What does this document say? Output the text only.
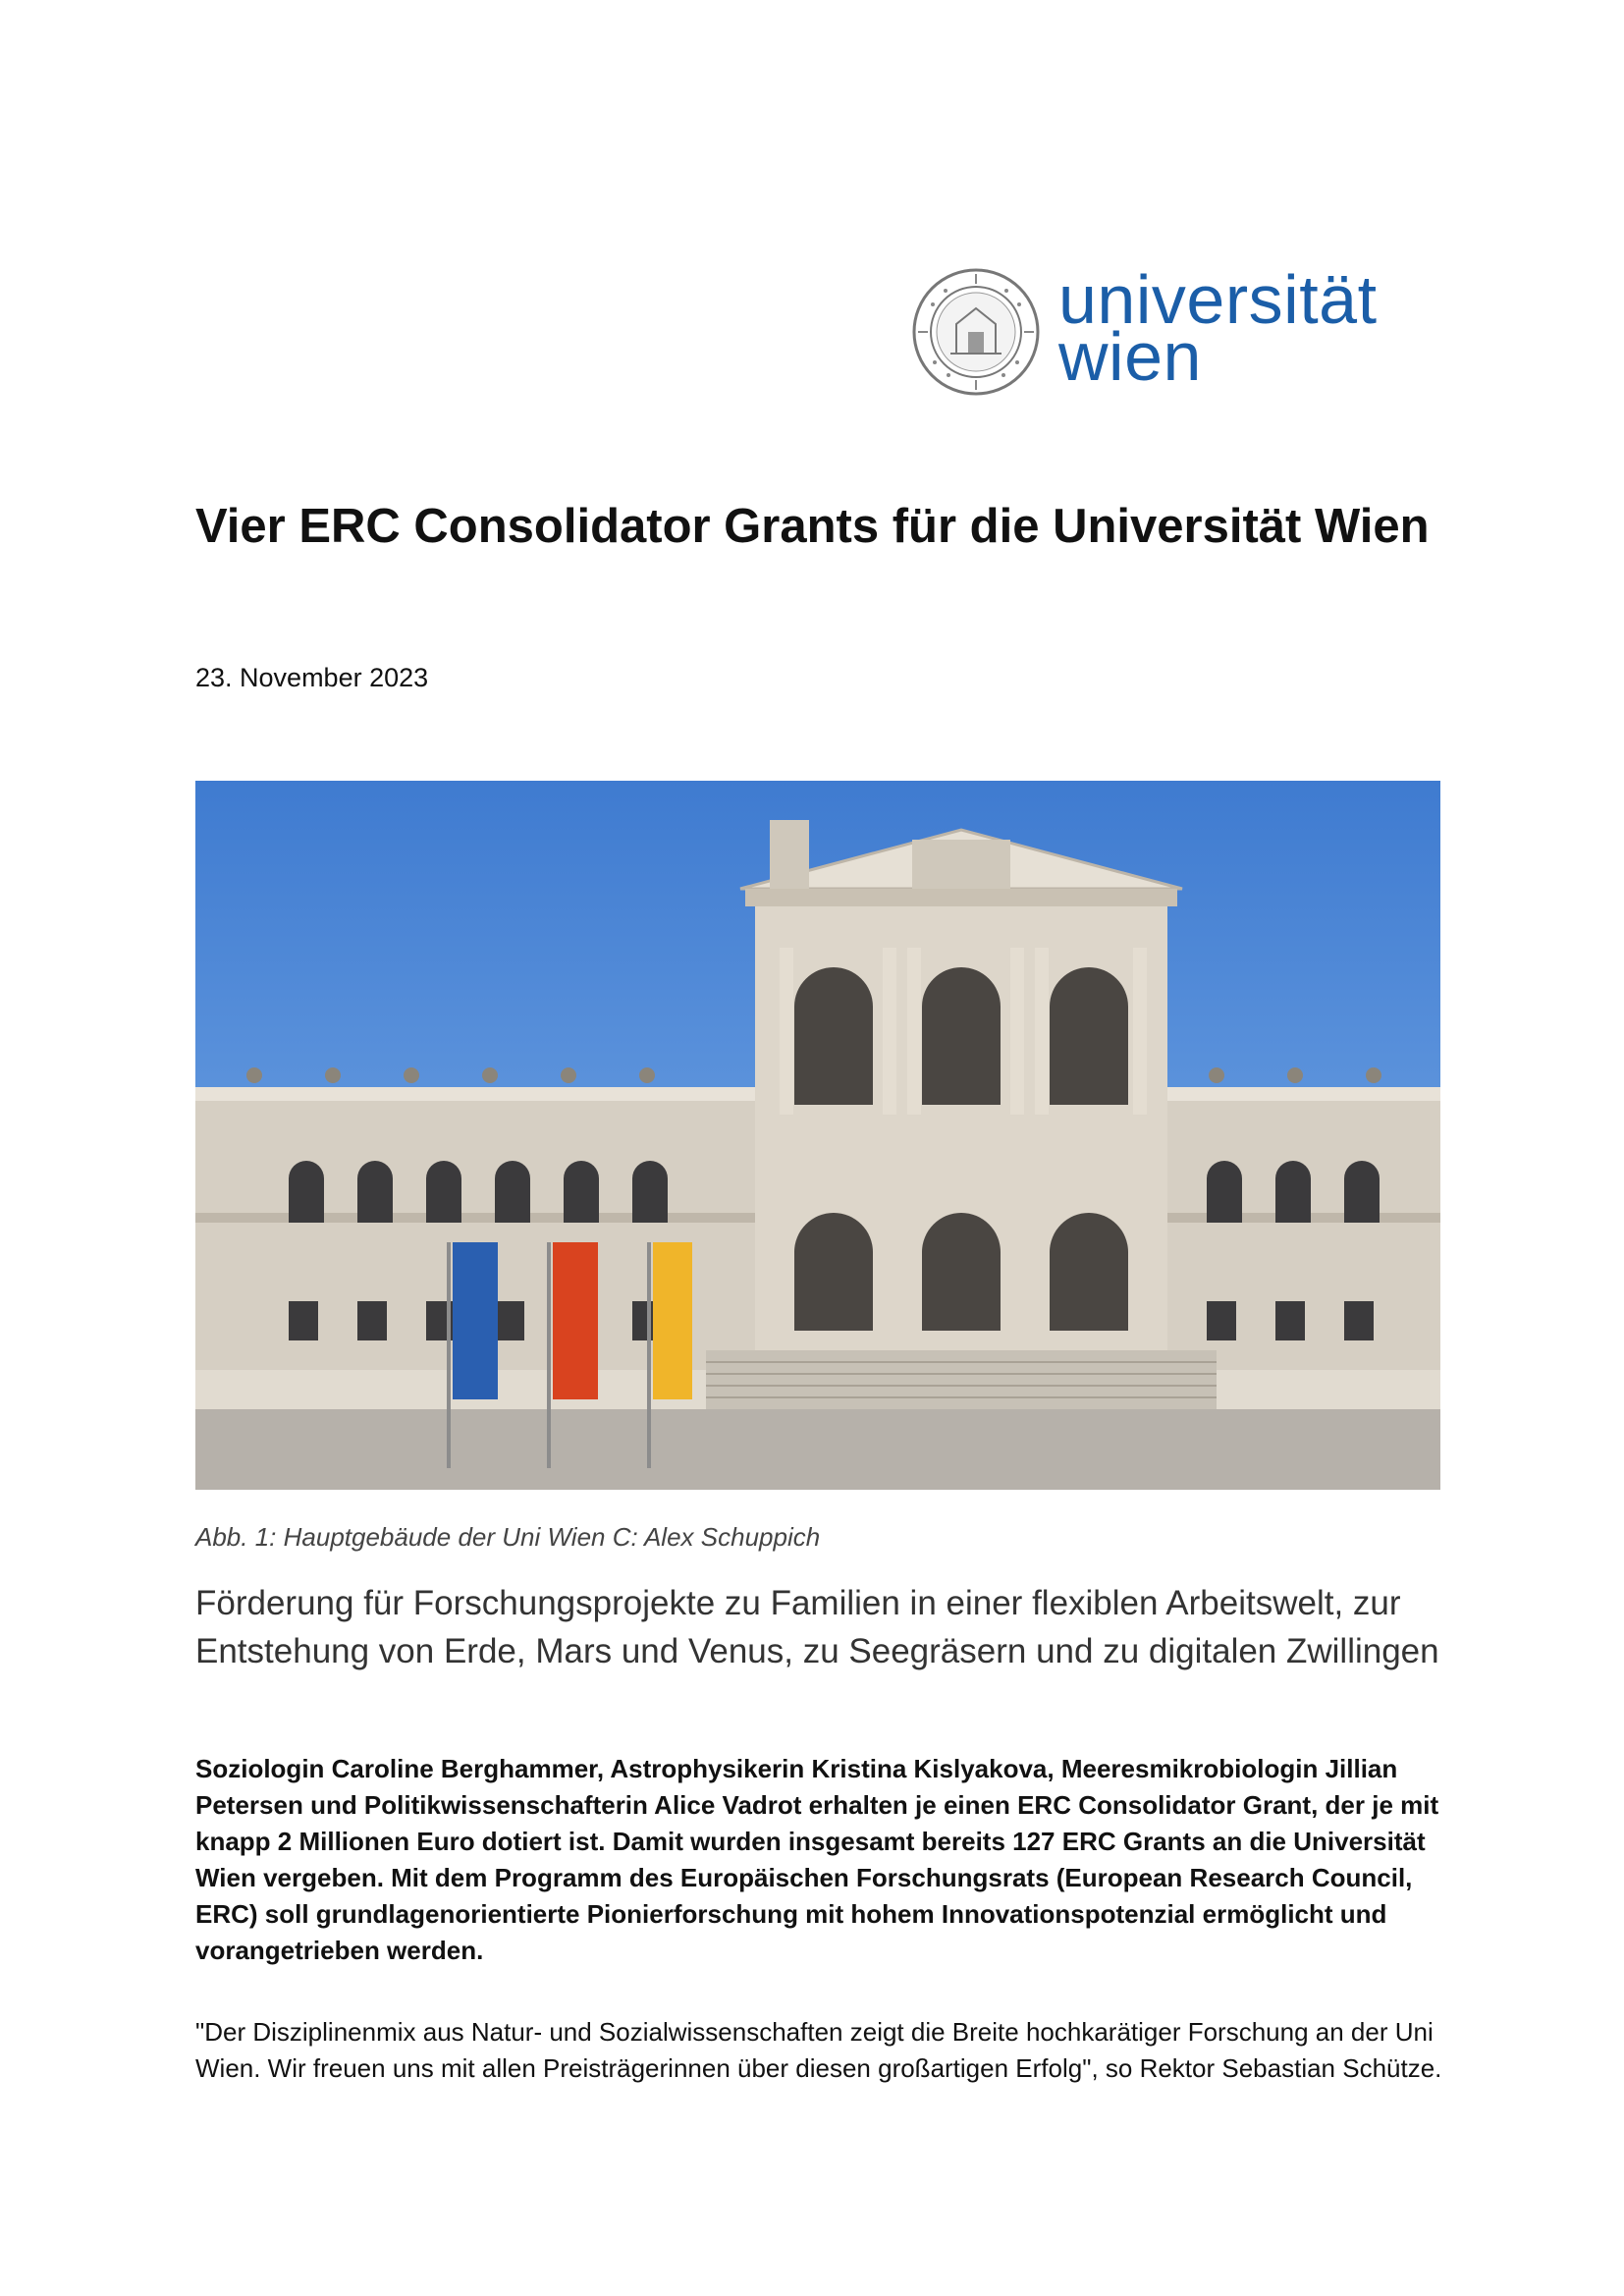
universität
wien
Vier ERC Consolidator Grants für die Universität Wien

23. November 2023

Abb. 1: Hauptgebäude der Uni Wien C: Alex Schuppich

Förderung für Forschungsprojekte zu Familien in einer flexiblen Arbeitswelt, zur Entstehung von Erde, Mars und Venus, zu Seegräsern und zu digitalen Zwillingen

Soziologin Caroline Berghammer, Astrophysikerin Kristina Kislyakova, Meeresmikrobiologin Jillian Petersen und Politikwissenschafterin Alice Vadrot erhalten je einen ERC Consolidator Grant, der je mit knapp 2 Millionen Euro dotiert ist. Damit wurden insgesamt bereits 127 ERC Grants an die Universität Wien vergeben. Mit dem Programm des Europäischen Forschungsrats (European Research Council, ERC) soll grundlagenorientierte Pionierforschung mit hohem Innovationspotenzial ermöglicht und vorangetrieben werden.

"Der Disziplinenmix aus Natur- und Sozialwissenschaften zeigt die Breite hochkarätiger Forschung an der Uni Wien. Wir freuen uns mit allen Preisträgerinnen über diesen großartigen Erfolg", so Rektor Sebastian Schütze.
